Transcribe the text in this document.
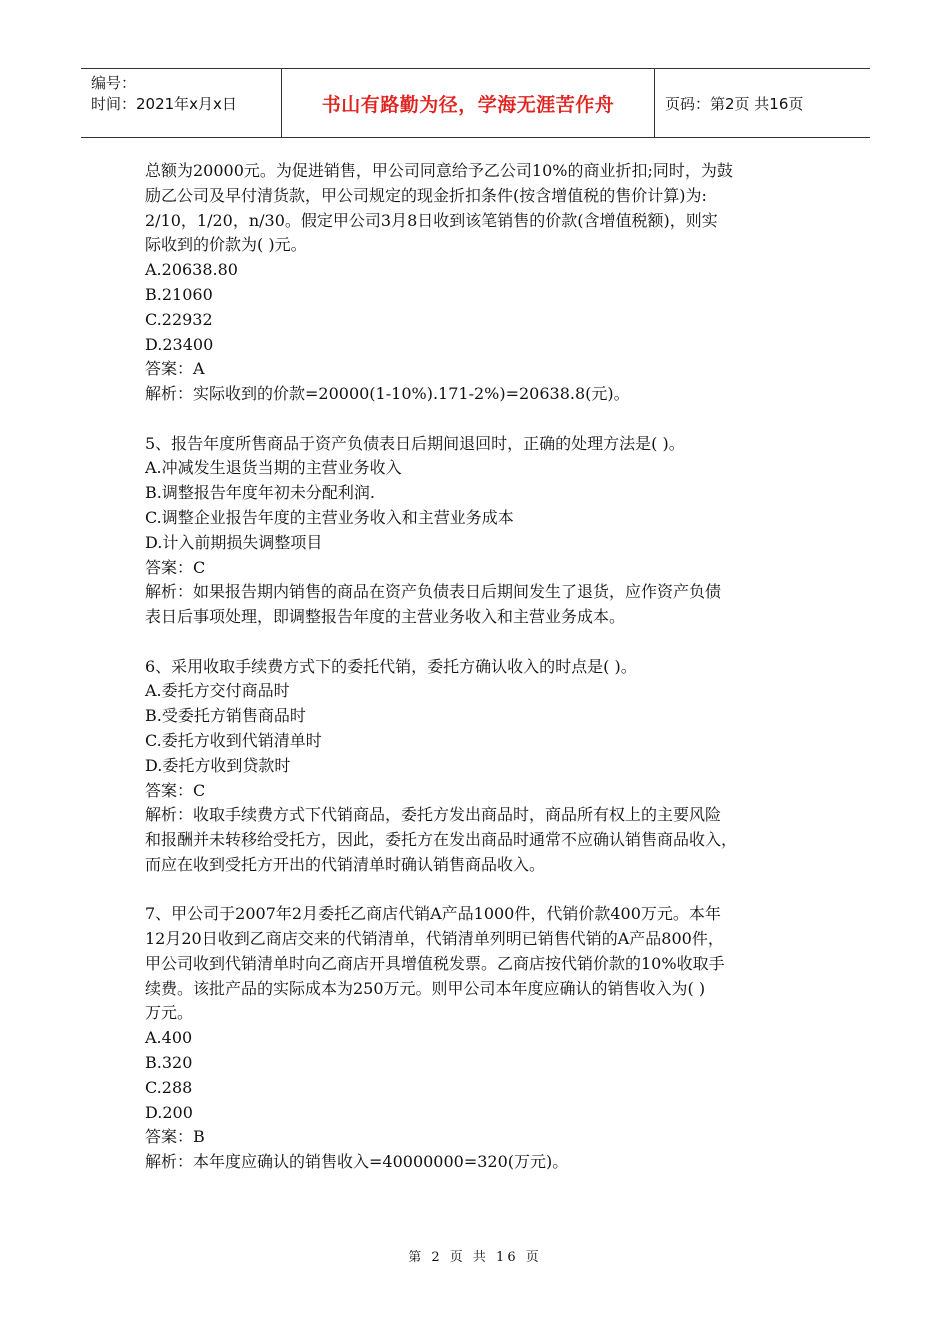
编号：
时间：2021年x月x日	书山有路勤为径，学海无涯苦作舟	页码：第2页 共16页
总额为20000元。为促进销售，甲公司同意给予乙公司10%的商业折扣;同时，为鼓
励乙公司及早付清货款，甲公司规定的现金折扣条件(按含增值税的售价计算)为:
2/10，1/20，n/30。假定甲公司3月8日收到该笔销售的价款(含增值税额)，则实
际收到的价款为( )元。
A.20638.80
B.21060
C.22932
D.23400
答案：A
解析：实际收到的价款=20000(1-10%).171-2%)=20638.8(元)。
5、报告年度所售商品于资产负债表日后期间退回时，正确的处理方法是( )。
A.冲减发生退货当期的主营业务收入
B.调整报告年度年初未分配利润.
C.调整企业报告年度的主营业务收入和主营业务成本
D.计入前期损失调整项目
答案：C
解析：如果报告期内销售的商品在资产负债表日后期间发生了退货，应作资产负债
表日后事项处理，即调整报告年度的主营业务收入和主营业务成本。
6、采用收取手续费方式下的委托代销，委托方确认收入的时点是( )。
A.委托方交付商品时
B.受委托方销售商品时
C.委托方收到代销清单时
D.委托方收到贷款时
答案：C
解析：收取手续费方式下代销商品，委托方发出商品时，商品所有权上的主要风险
和报酬并未转移给受托方，因此，委托方在发出商品时通常不应确认销售商品收入，
而应在收到受托方开出的代销清单时确认销售商品收入。
7、甲公司于2007年2月委托乙商店代销A产品1000件，代销价款400万元。本年
12月20日收到乙商店交来的代销清单，代销清单列明已销售代销的A产品800件，
甲公司收到代销清单时向乙商店开具增值税发票。乙商店按代销价款的10%收取手
续费。该批产品的实际成本为250万元。则甲公司本年度应确认的销售收入为( )
万元。
A.400
B.320
C.288
D.200
答案：B
解析：本年度应确认的销售收入=40000000=320(万元)。
第 2 页 共 16 页
